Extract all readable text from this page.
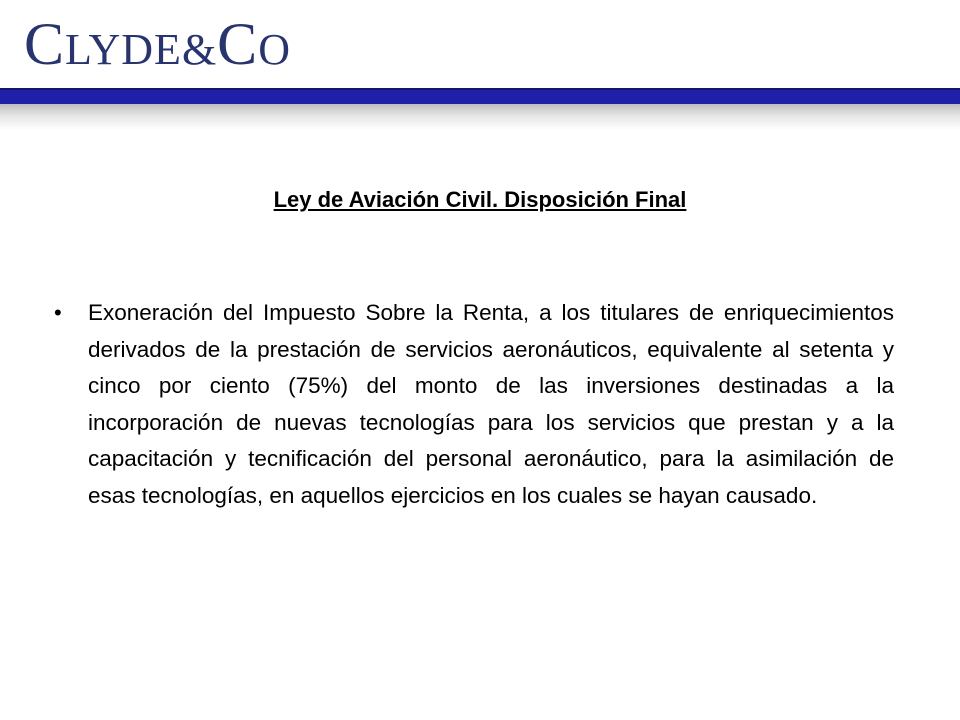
CLYDE&CO
Ley de Aviación Civil. Disposición Final
• Exoneración del Impuesto Sobre la Renta, a los titulares de enriquecimientos derivados de la prestación de servicios aeronáuticos, equivalente al setenta y cinco por ciento (75%) del monto de las inversiones destinadas a la incorporación de nuevas tecnologías para los servicios que prestan y a la capacitación y tecnificación del personal aeronáutico, para la asimilación de esas tecnologías, en aquellos ejercicios en los cuales se hayan causado.
